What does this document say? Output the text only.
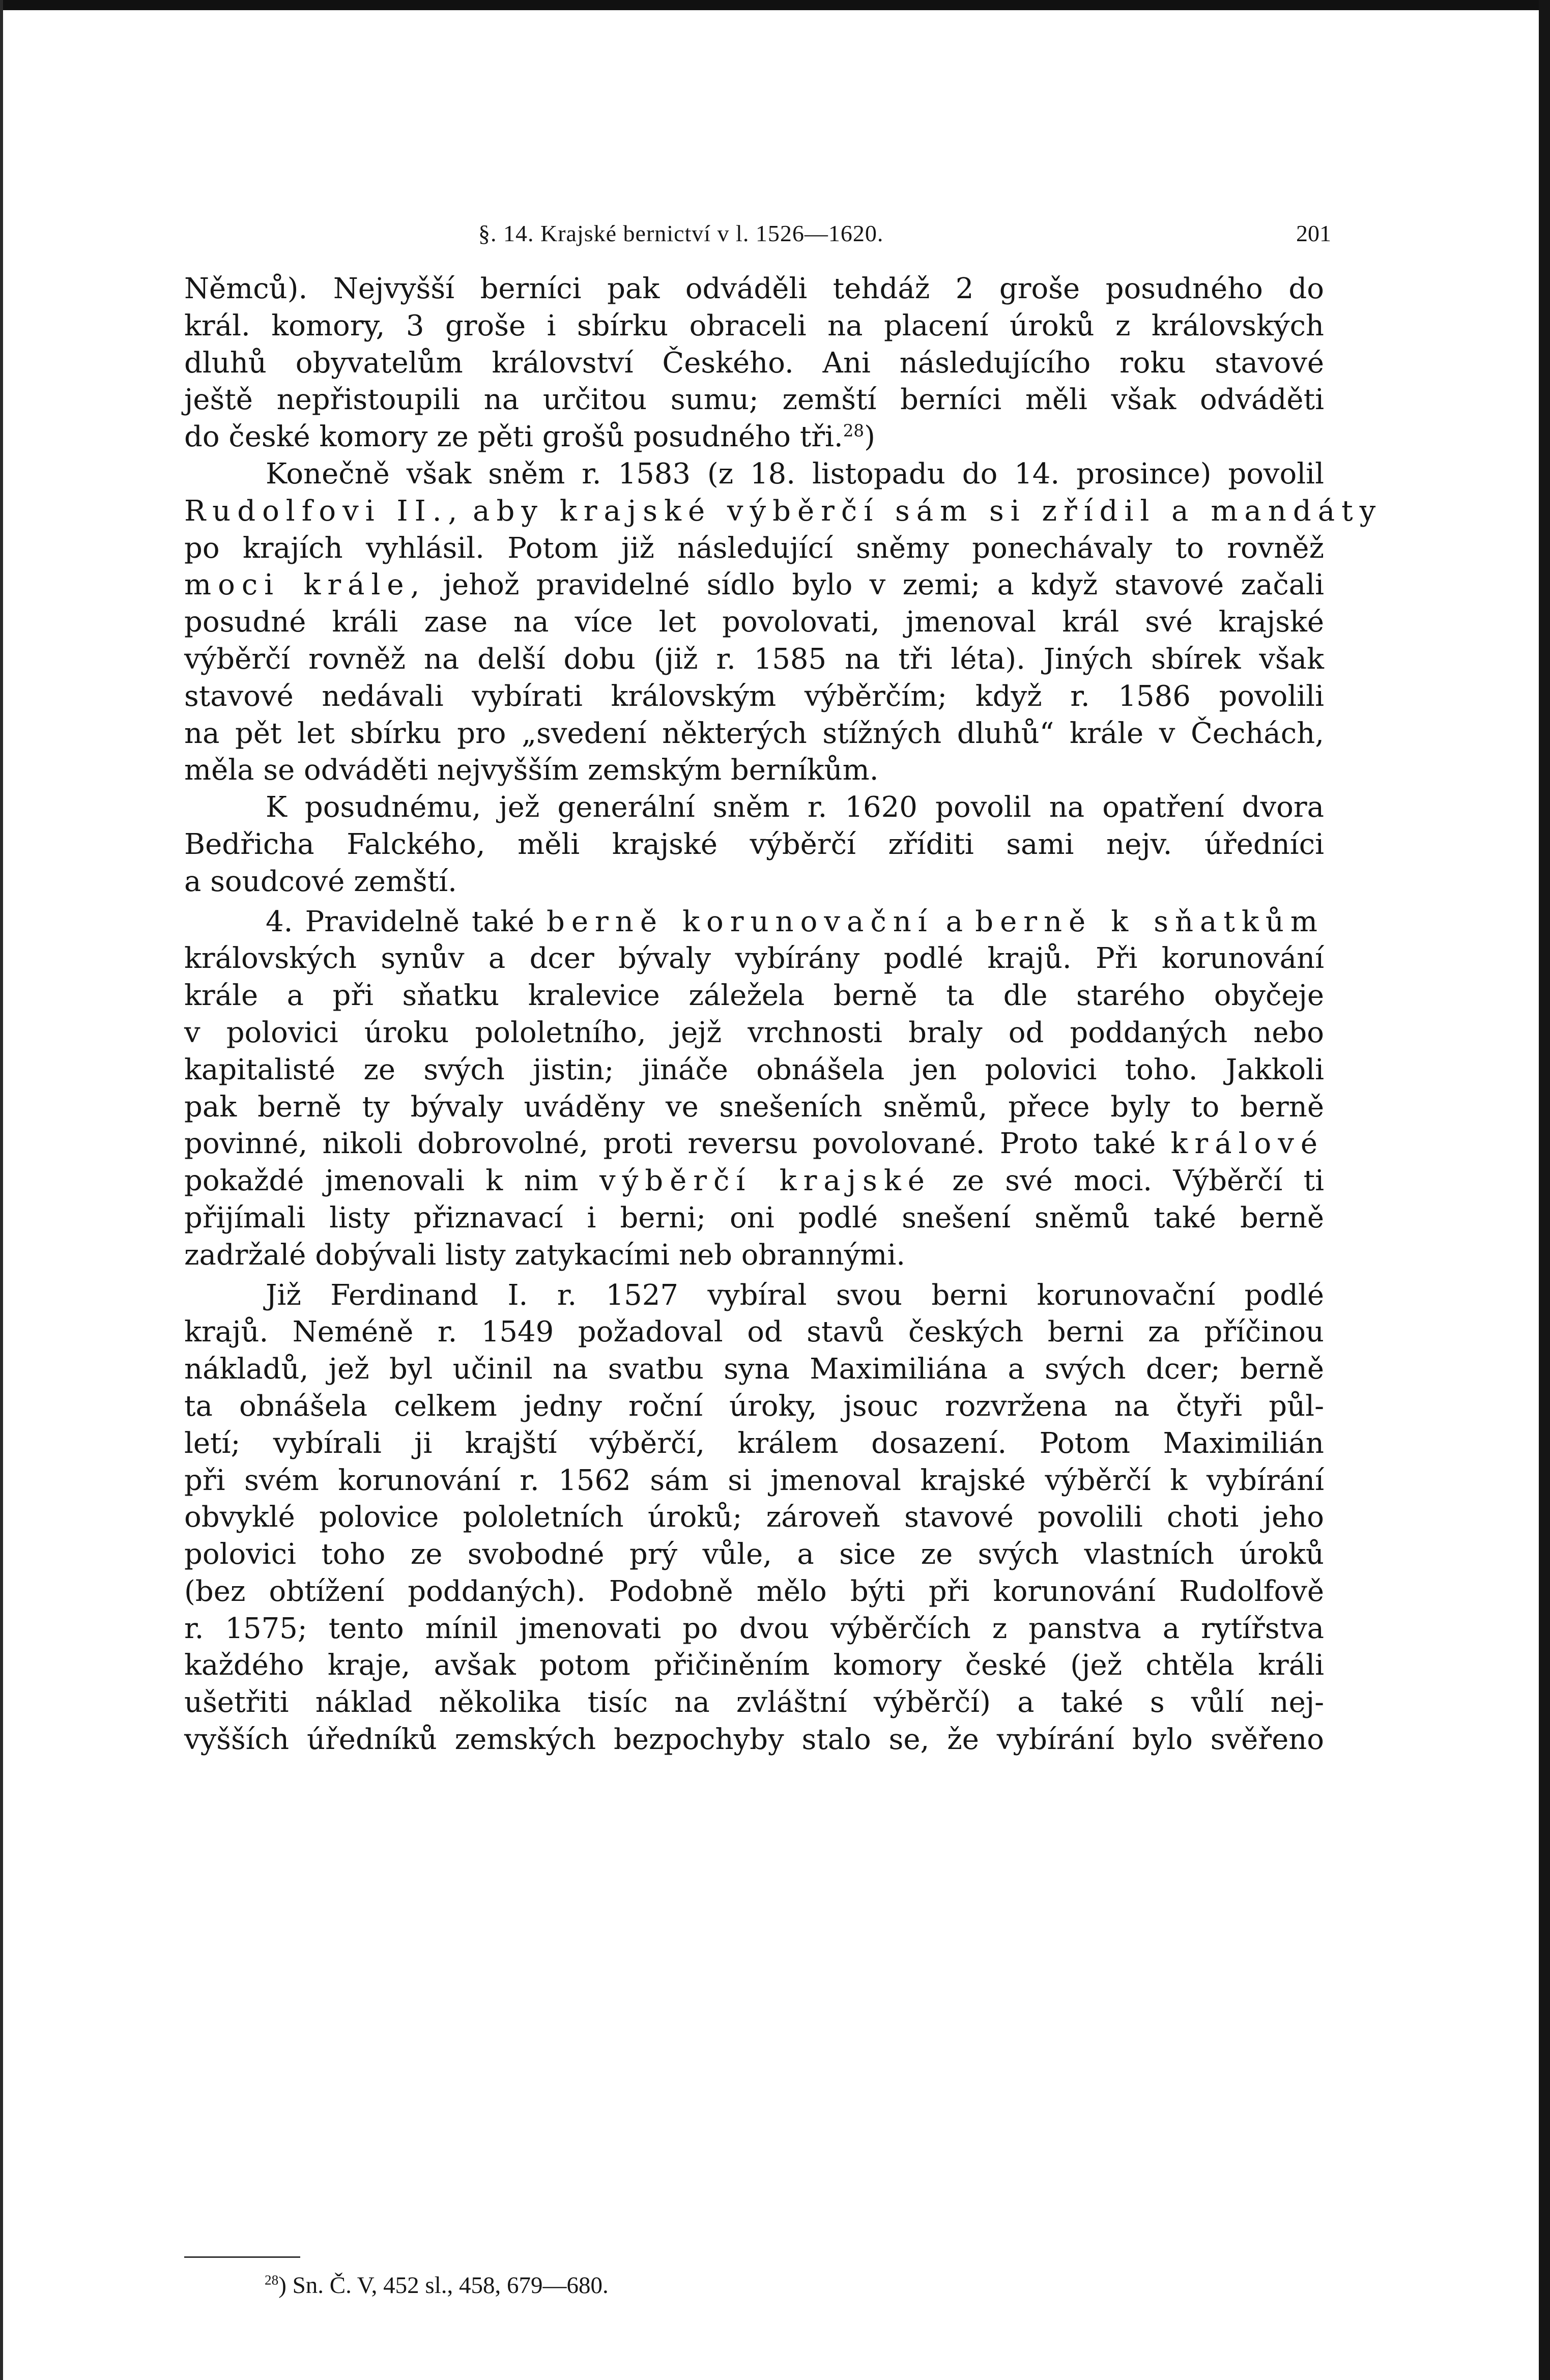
§. 14. Krajské bernictví v l. 1526—1620.	201
Němců). Nejvyšší berníci pak odváděli tehdáž 2 groše posudného do
král. komory, 3 groše i sbírku obraceli na placení úroků z královských
dluhů obyvatelům království Českého. Ani následujícího roku stavové
ještě nepřistoupili na určitou sumu; zemští berníci měli však odváděti
do české komory ze pěti grošů posudného tři.$^{28}$)
Konečně však sněm r. 1583 (z 18. listopadu do 14. prosince) povolil
Rudolfovi II., aby krajské výběrčí sám si zřídil a mandáty
po krajích vyhlásil. Potom již následující sněmy ponechávaly to rovněž
moci krále, jehož pravidelné sídlo bylo v zemi; a když stavové začali
posudné králi zase na více let povolovati, jmenoval král své krajské
výběrčí rovněž na delší dobu (již r. 1585 na tři léta). Jiných sbírek však
stavové nedávali vybírati královským výběrčím; když r. 1586 povolili
na pět let sbírku pro „svedení některých stížných dluhů“ krále v Čechách,
měla se odváděti nejvyšším zemským berníkům.
K posudnému, jež generální sněm r. 1620 povolil na opatření dvora
Bedřicha Falckého, měli krajské výběrčí zříditi sami nejv. úředníci
a soudcové zemští.
4. Pravidelně také berně korunovační a berně k sňatkům
královských synův a dcer bývaly vybírány podlé krajů. Při korunování
krále a při sňatku kralevice záleželа berně ta dle starého obyčeje
v polovici úroku pololetního, jejž vrchnosti braly od poddaných nebo
kapitalisté ze svých jistin; jináče obnášela jen polovici toho. Jakkoli
pak berně ty bývaly uváděny ve snešeních sněmů, přece byly to berně
povinné, nikoli dobrovolné, proti reversu povolované. Proto také králové
pokaždé jmenovali k nim výběrčí krajské ze své moci. Výběrčí ti
přijímali listy přiznavací i berni; oni podlé snešení sněmů také berně
zadržalé dobývali listy zatykacími neb obrannými.
Již Ferdinand I. r. 1527 vybíral svou berni korunovační podlé
krajů. Neméně r. 1549 požadoval od stavů českých berni za příčinou
nákladů, jež byl učinil na svatbu syna Maximiliána a svých dcer; berně
ta obnášela celkem jedny roční úroky, jsouc rozvržena na čtyři půl-
letí; vybírali ji krajští výběrčí, králem dosazení. Potom Maximilián
při svém korunování r. 1562 sám si jmenoval krajské výběrčí k vybírání
obvyklé polovice pololetních úroků; zároveň stavové povolili choti jeho
polovici toho ze svobodné prý vůle, a sice ze svých vlastních úroků
(bez obtížení poddaných). Podobně mělo býti při korunování Rudolfově
r. 1575; tento mínil jmenovati po dvou výběrčích z panstva a rytířstva
každého kraje, avšak potom přičiněním komory české (jež chtěla králi
ušetřiti náklad několika tisíc na zvláštní výběrčí) a také s vůlí nej-
vyšších úředníků zemských bezpochyby stalo se, že vybírání bylo svěřeno
$^{28}$) Sn. Č. V, 452 sl., 458, 679—680.
